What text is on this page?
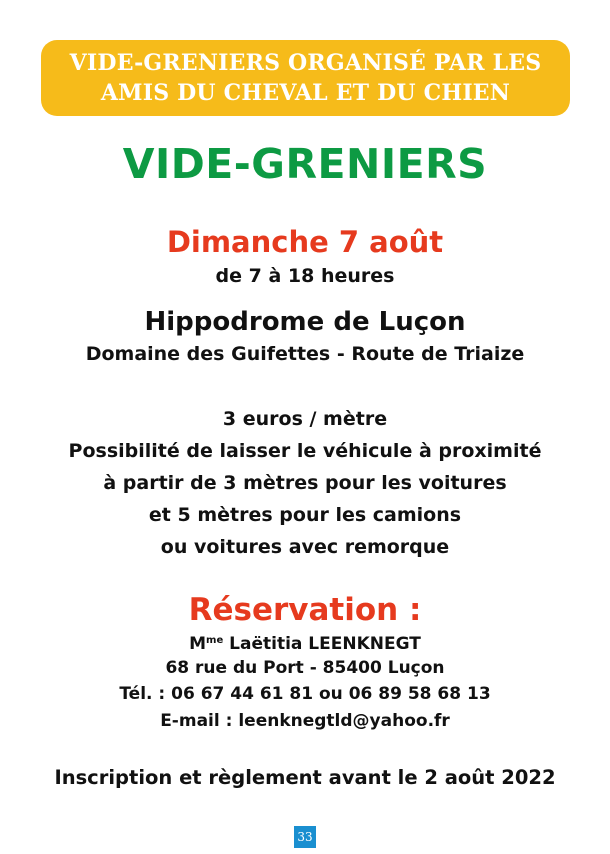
VIDE-GRENIERS ORGANISÉ PAR LES
AMIS DU CHEVAL ET DU CHIEN
VIDE-GRENIERS
Dimanche 7 août
de 7 à 18 heures
Hippodrome de Luçon
Domaine des Guifettes - Route de Triaize
3 euros / mètre
Possibilité de laisser le véhicule à proximité
à partir de 3 mètres pour les voitures
et 5 mètres pour les camions
ou voitures avec remorque
Réservation :
$M^{me}$ Laëtitia LEENKNEGT
68 rue du Port - 85400 Luçon
Tél. : 06 67 44 61 81 ou 06 89 58 68 13
E-mail : leenknegtld@yahoo.fr
Inscription et règlement avant le 2 août 2022
33
